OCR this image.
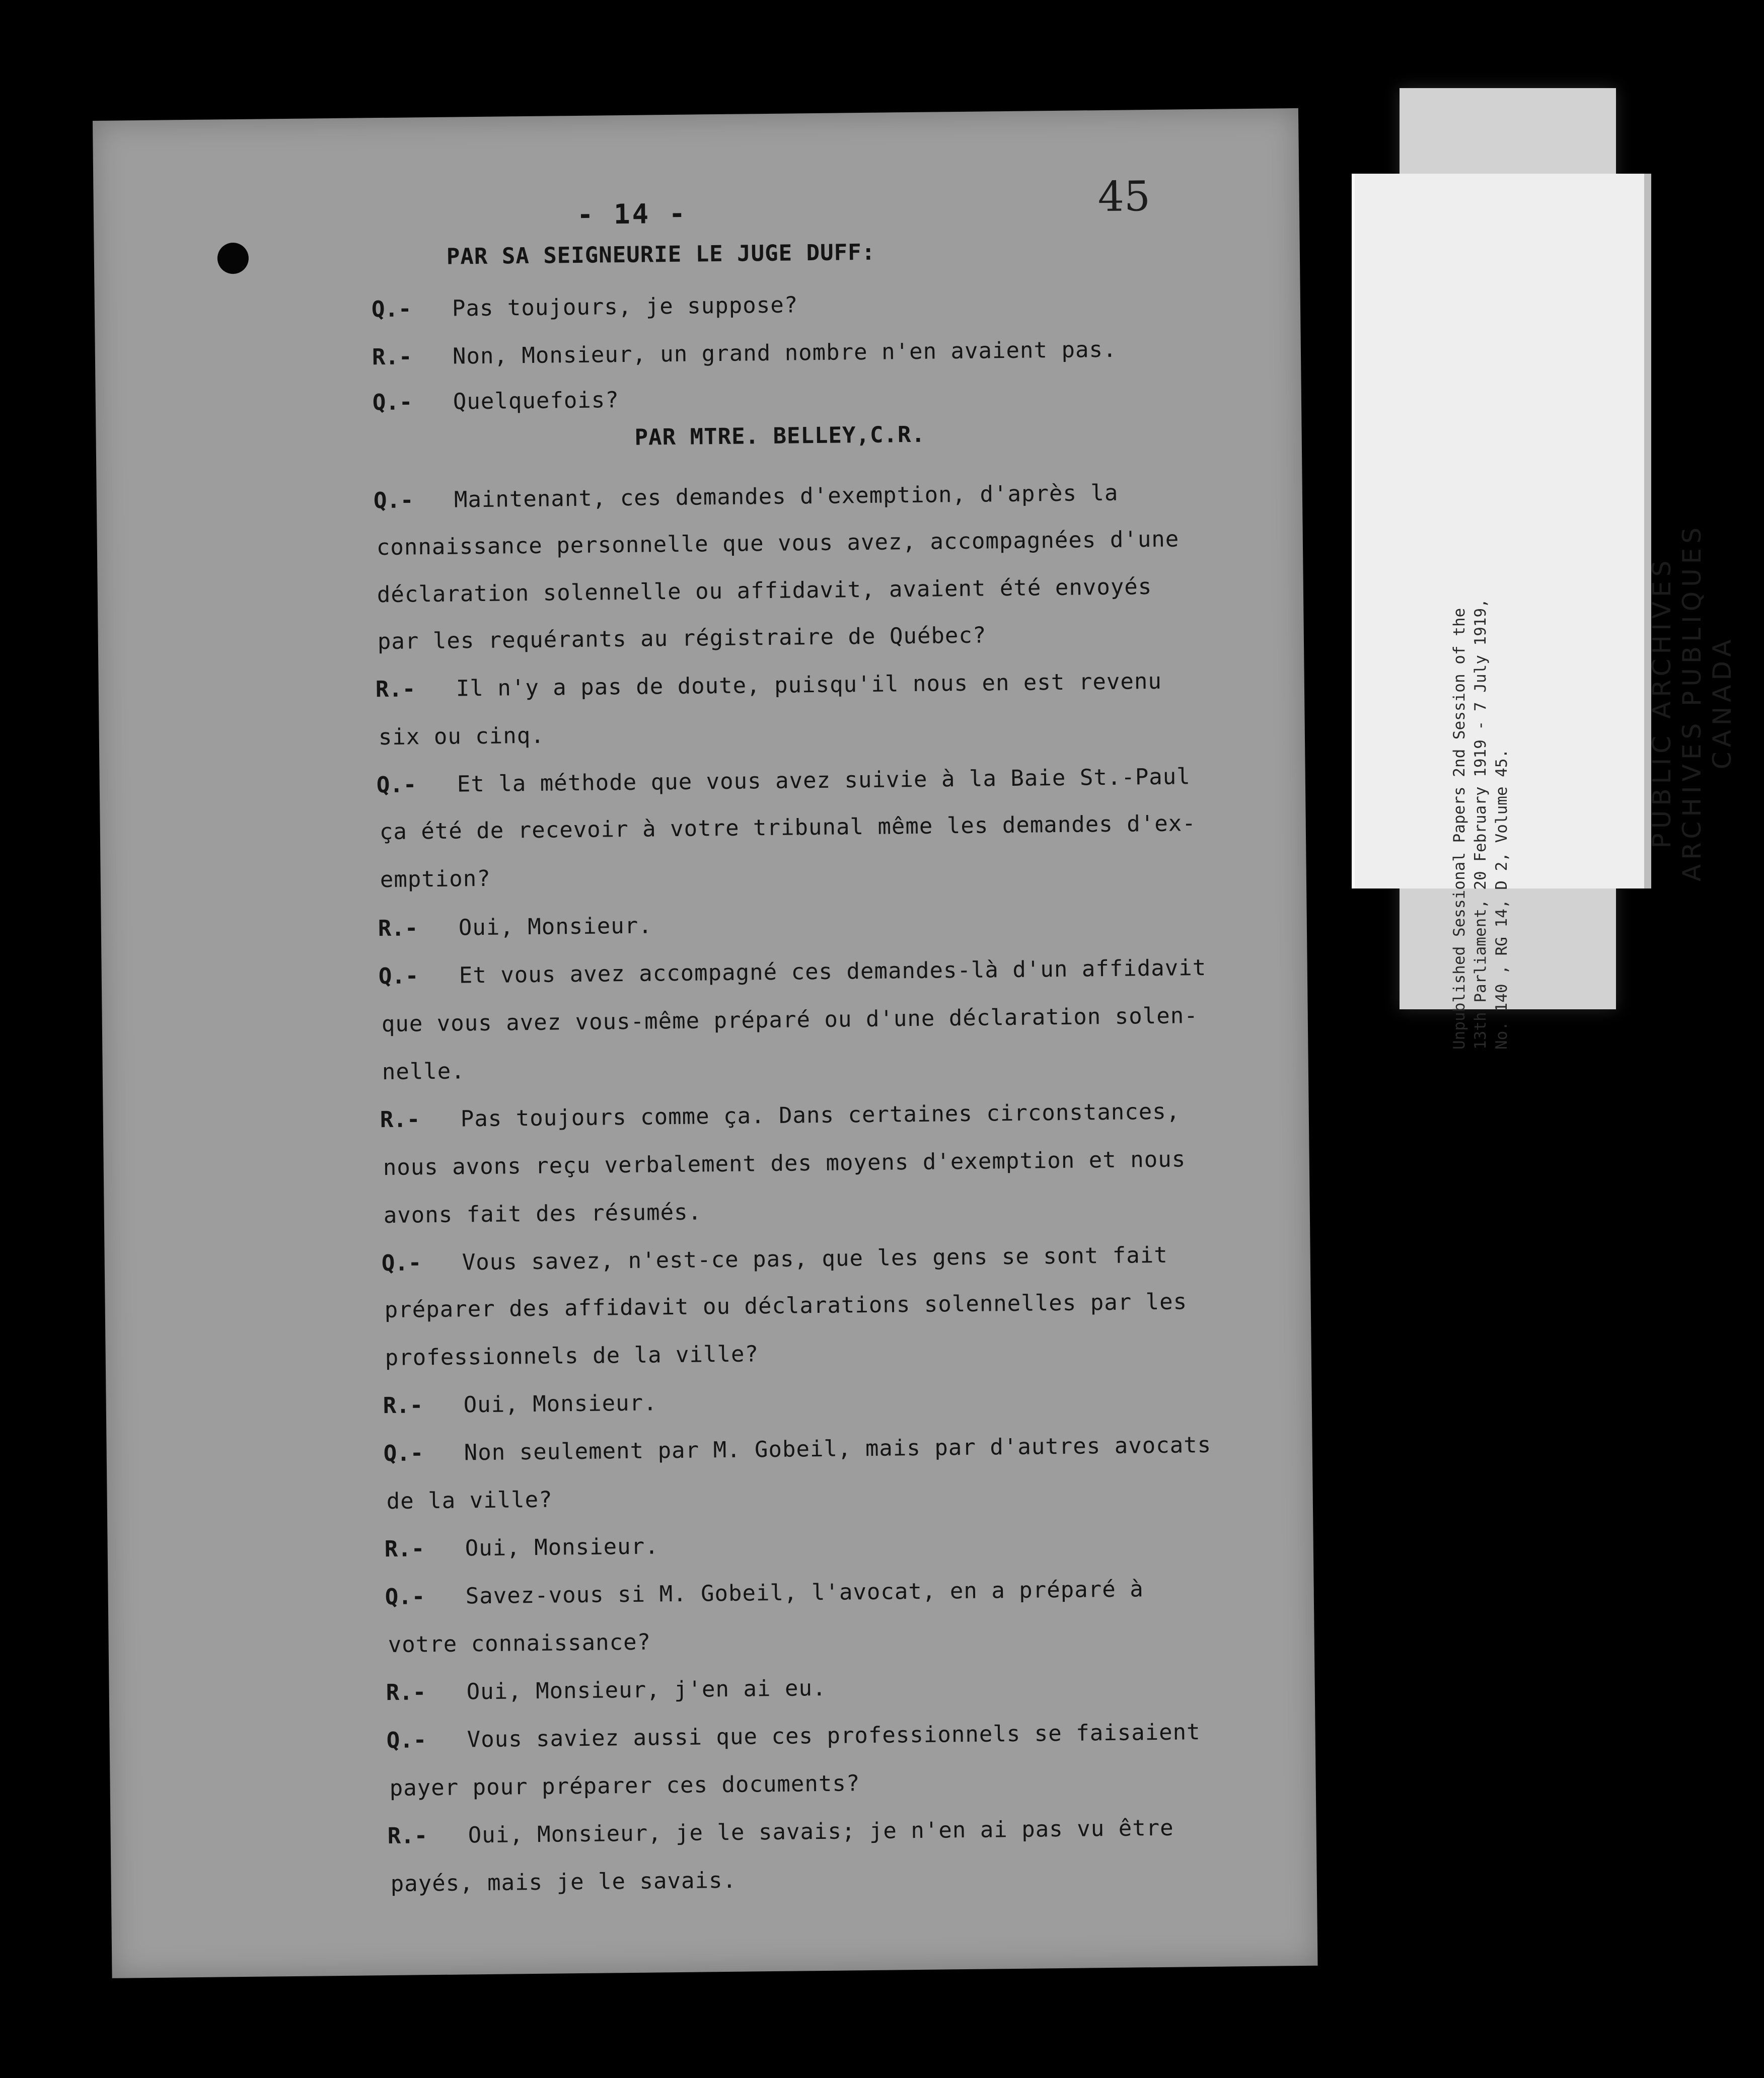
- 14 -	45
PAR SA SEIGNEURIE LE JUGE DUFF:
PAR MTRE. BELLEY,C.R.
Q.- Pas toujours, je suppose?
R.- Non, Monsieur, un grand nombre n'en avaient pas.
Q.- Quelquefois?
Q.- Maintenant, ces demandes d'exemption, d'après la
connaissance personnelle que vous avez, accompagnées d'une
déclaration solennelle ou affidavit, avaient été envoyés
par les requérants au régistraire de Québec?
R.- Il n'y a pas de doute, puisqu'il nous en est revenu
six ou cinq.
Q.- Et la méthode que vous avez suivie à la Baie St.-Paul
ça été de recevoir à votre tribunal même les demandes d'ex-
emption?
R.- Oui, Monsieur.
Q.- Et vous avez accompagné ces demandes-là d'un affidavit
que vous avez vous-même préparé ou d'une déclaration solen-
nelle.
R.- Pas toujours comme ça. Dans certaines circonstances,
nous avons reçu verbalement des moyens d'exemption et nous
avons fait des résumés.
Q.- Vous savez, n'est-ce pas, que les gens se sont fait
préparer des affidavit ou déclarations solennelles par les
professionnels de la ville?
R.- Oui, Monsieur.
Q.- Non seulement par M. Gobeil, mais par d'autres avocats
de la ville?
R.- Oui, Monsieur.
Q.- Savez-vous si M. Gobeil, l'avocat, en a préparé à
votre connaissance?
R.- Oui, Monsieur, j'en ai eu.
Q.- Vous saviez aussi que ces professionnels se faisaient
payer pour préparer ces documents?
R.- Oui, Monsieur, je le savais; je n'en ai pas vu être
payés, mais je le savais.
Unpublished Sessional Papers 2nd Session of the 13th Parliament, 20 February 1919 - 7 July 1919, No. 140 , RG 14, D 2, Volume 45.
PUBLIC ARCHIVES ARCHIVES PUBLIQUES CANADA
